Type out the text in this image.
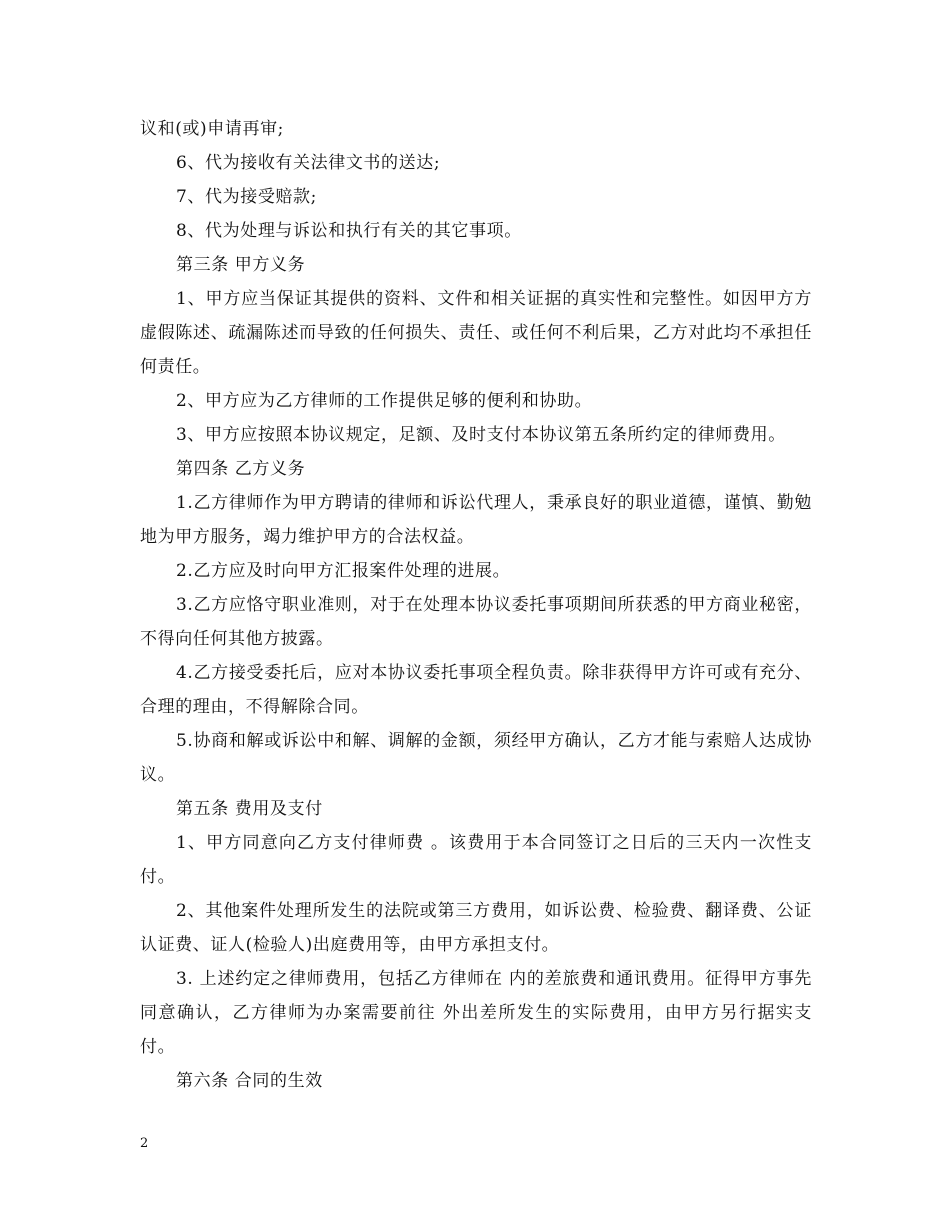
议和(或)申请再审;

6、代为接收有关法律文书的送达;

7、代为接受赔款;

8、代为处理与诉讼和执行有关的其它事项。

第三条 甲方义务

1、甲方应当保证其提供的资料、文件和相关证据的真实性和完整性。如因甲方方虚假陈述、疏漏陈述而导致的任何损失、责任、或任何不利后果，乙方对此均不承担任何责任。

2、甲方应为乙方律师的工作提供足够的便利和协助。

3、甲方应按照本协议规定，足额、及时支付本协议第五条所约定的律师费用。

第四条 乙方义务

1.乙方律师作为甲方聘请的律师和诉讼代理人，秉承良好的职业道德，谨慎、勤勉地为甲方服务，竭力维护甲方的合法权益。

2.乙方应及时向甲方汇报案件处理的进展。

3.乙方应恪守职业准则，对于在处理本协议委托事项期间所获悉的甲方商业秘密，不得向任何其他方披露。

4.乙方接受委托后，应对本协议委托事项全程负责。除非获得甲方许可或有充分、合理的理由，不得解除合同。

5.协商和解或诉讼中和解、调解的金额，须经甲方确认，乙方才能与索赔人达成协议。

第五条 费用及支付

1、甲方同意向乙方支付律师费 。该费用于本合同签订之日后的三天内一次性支付。

2、其他案件处理所发生的法院或第三方费用，如诉讼费、检验费、翻译费、公证认证费、证人(检验人)出庭费用等，由甲方承担支付。

3. 上述约定之律师费用，包括乙方律师在 内的差旅费和通讯费用。征得甲方事先同意确认，乙方律师为办案需要前往 外出差所发生的实际费用，由甲方另行据实支付。

第六条 合同的生效

2
